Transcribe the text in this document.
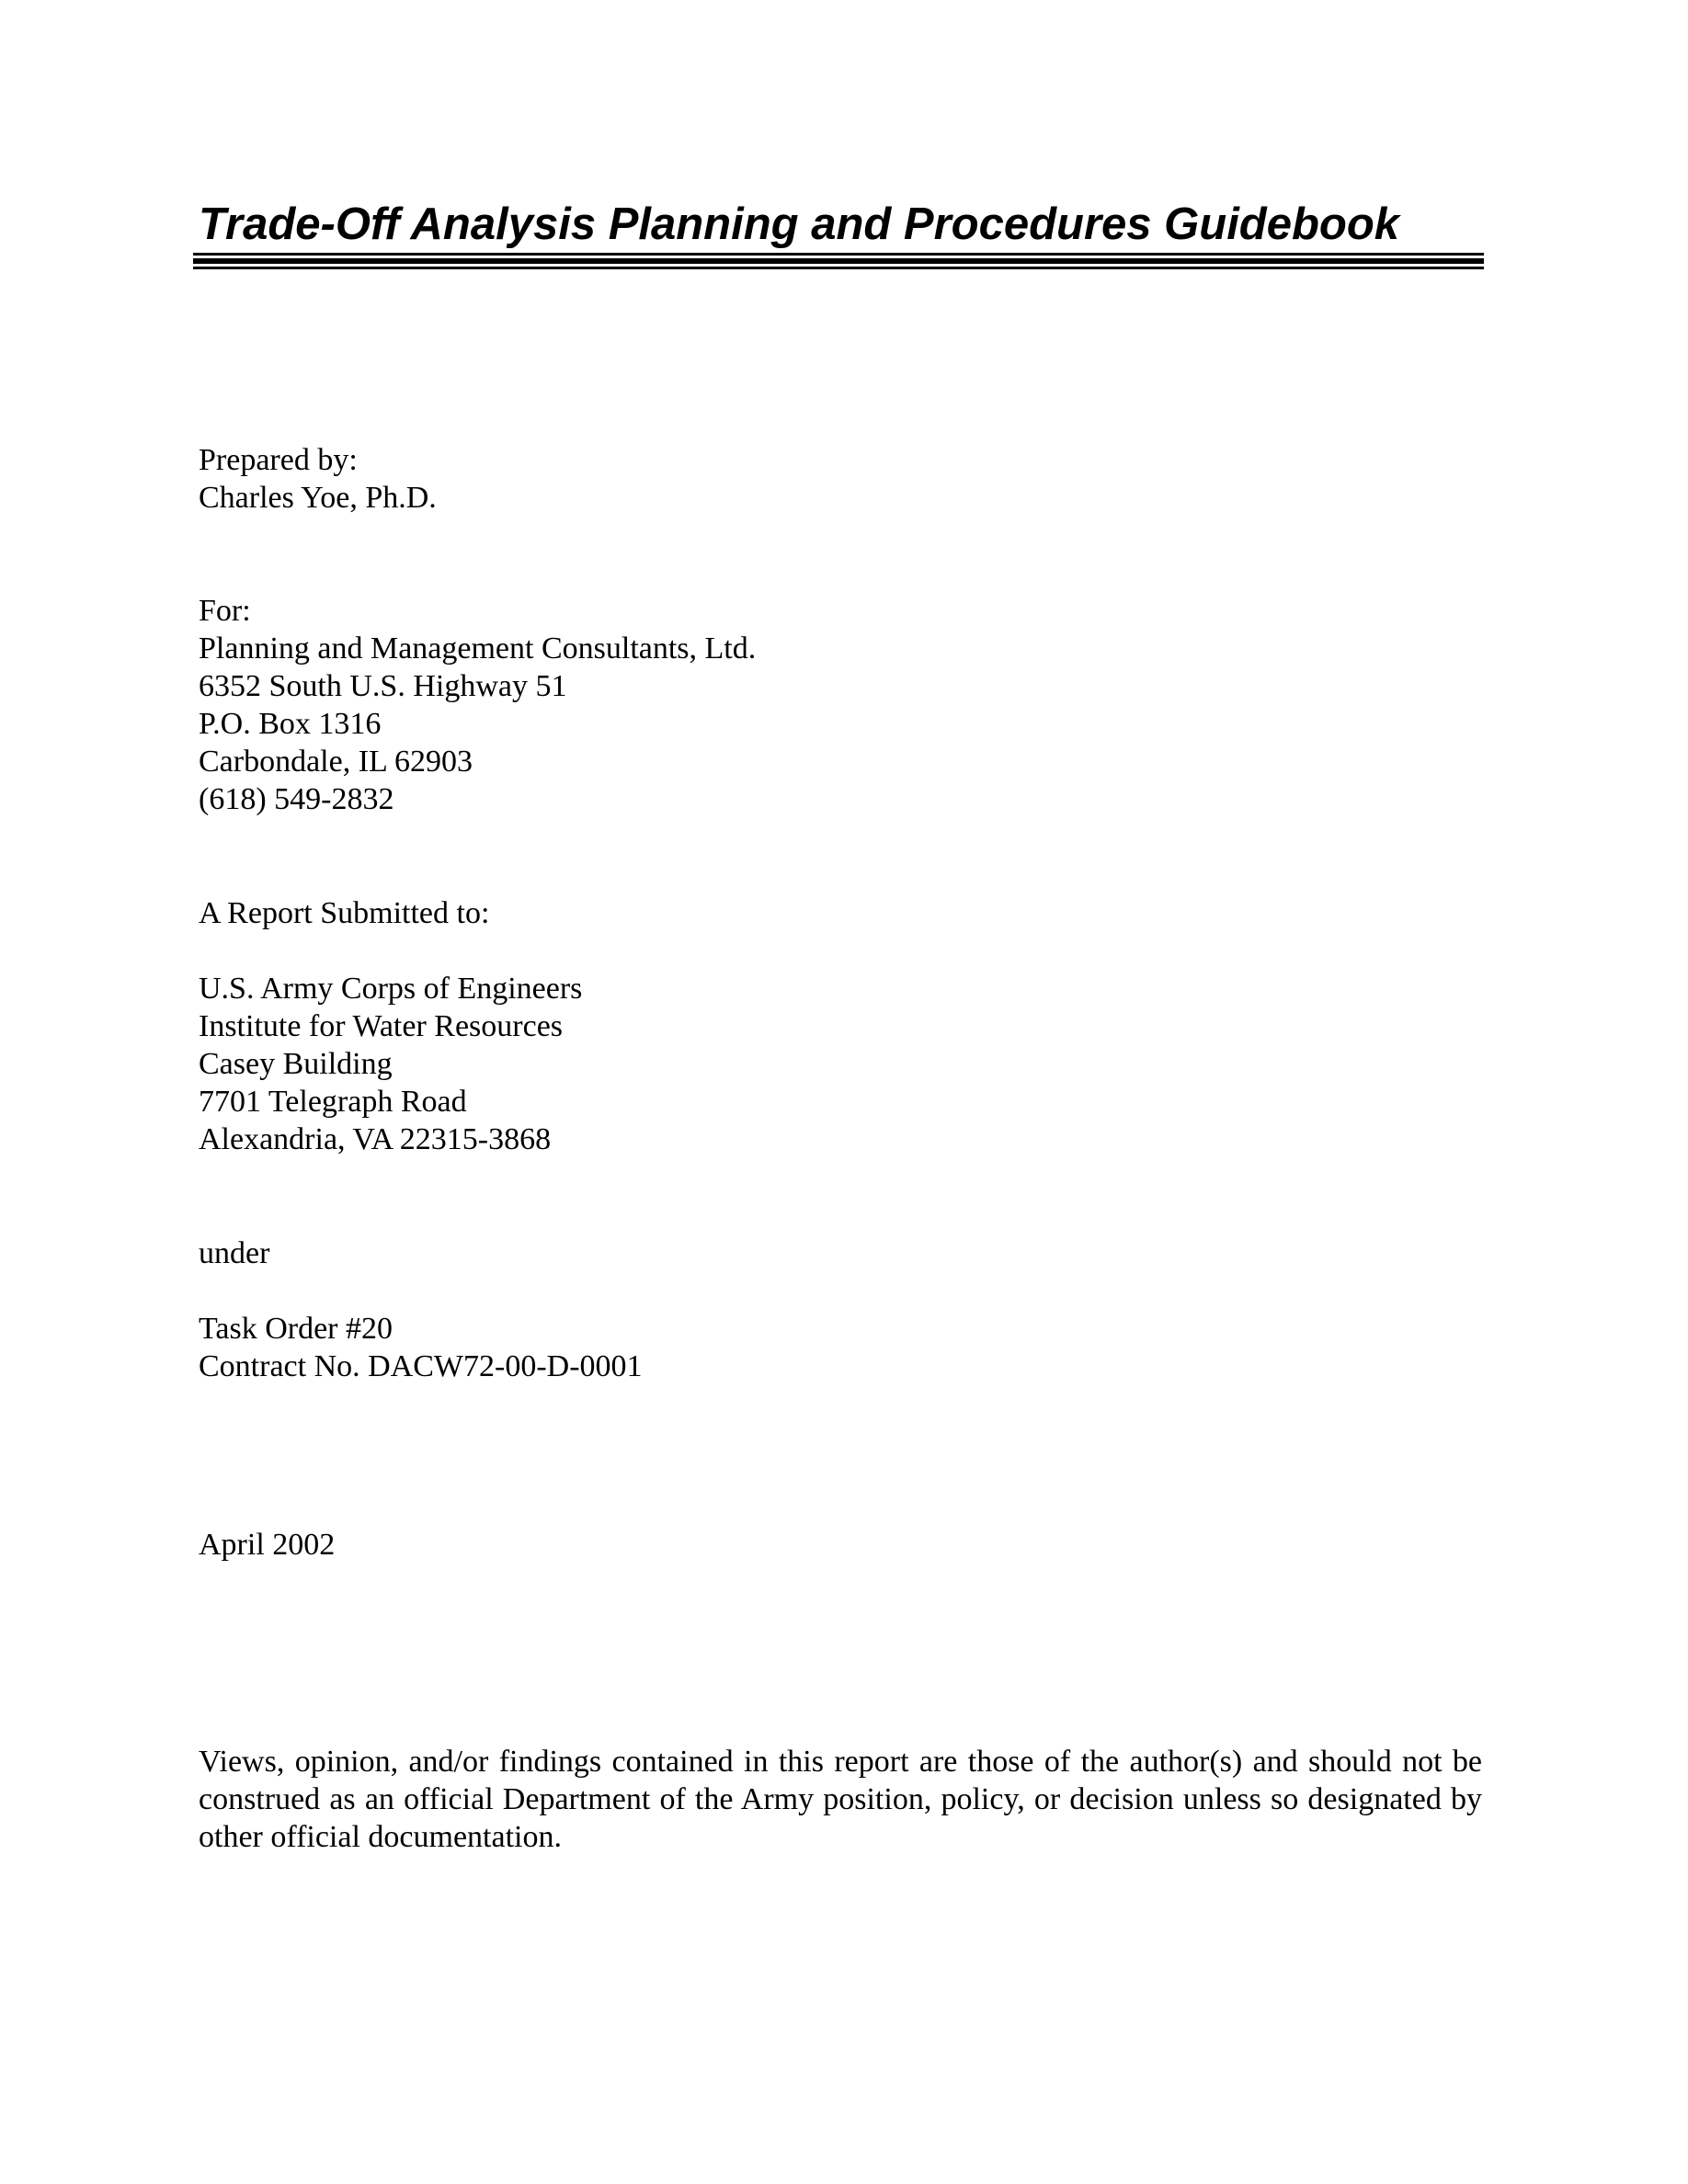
Trade-Off Analysis Planning and Procedures Guidebook
Prepared by:
Charles Yoe, Ph.D.
For:
Planning and Management Consultants, Ltd.
6352 South U.S. Highway 51
P.O. Box 1316
Carbondale, IL 62903
(618) 549-2832
A Report Submitted to:
U.S. Army Corps of Engineers
Institute for Water Resources
Casey Building
7701 Telegraph Road
Alexandria, VA 22315-3868
under
Task Order #20
Contract No. DACW72-00-D-0001
April 2002

Views, opinion, and/or findings contained in this report are those of the author(s) and should not be construed as an official Department of the Army position, policy, or decision unless so designated by other official documentation.
